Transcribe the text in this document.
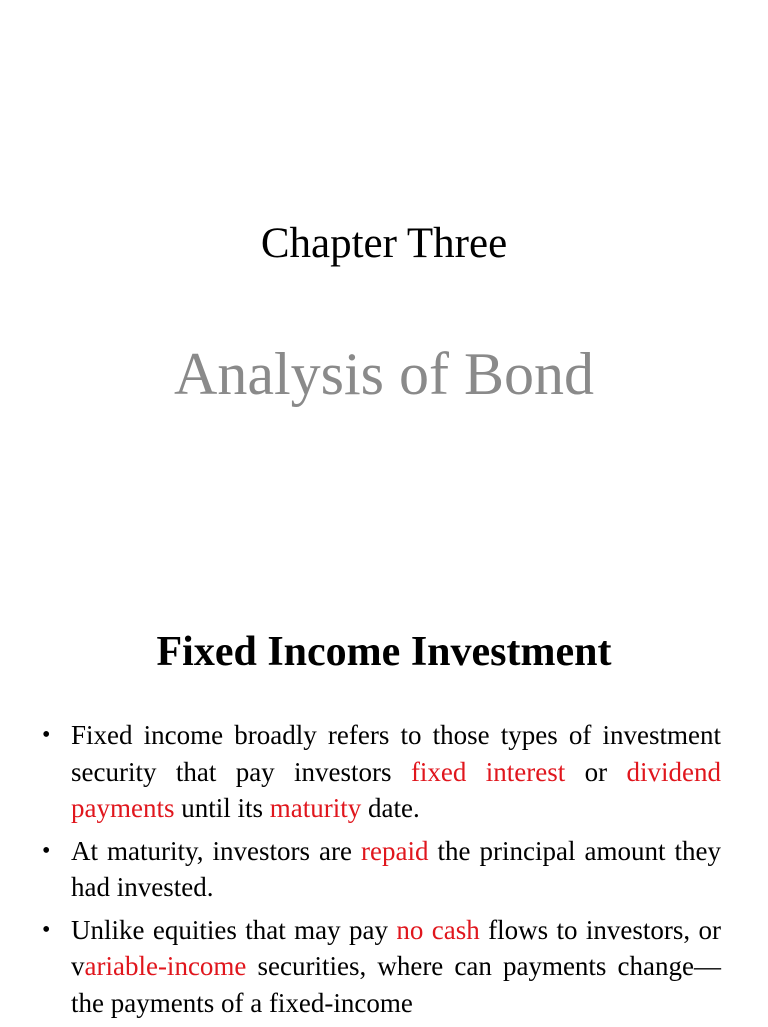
Chapter Three
Analysis of Bond
Fixed Income Investment
• Fixed income broadly refers to those types of investment security that pay investors fixed interest or dividend payments until its maturity date.
• At maturity, investors are repaid the principal amount they had invested.
• Unlike equities that may pay no cash flows to investors, or variable-income securities, where can payments change—the payments of a fixed-income
